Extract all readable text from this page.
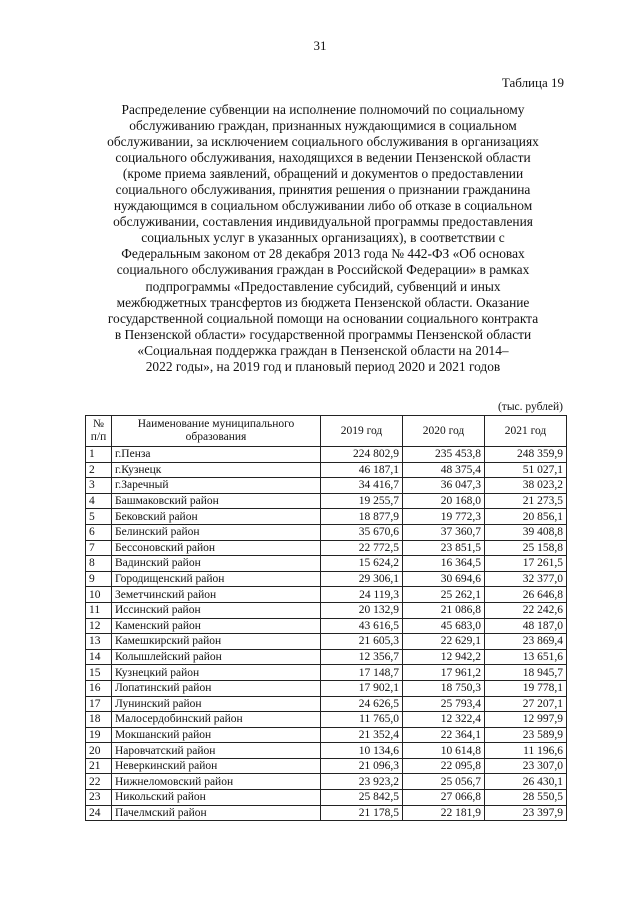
31
Таблица 19
Распределение субвенции на исполнение полномочий по социальному
обслуживанию граждан, признанных нуждающимися в социальном
обслуживании, за исключением социального обслуживания в организациях
социального обслуживания, находящихся в ведении Пензенской области
(кроме приема заявлений, обращений и документов о предоставлении
социального обслуживания, принятия решения о признании гражданина
нуждающимся в социальном обслуживании либо об отказе в социальном
обслуживании, составления индивидуальной программы предоставления
социальных услуг в указанных организациях), в соответствии с
Федеральным законом от 28 декабря 2013 года № 442-ФЗ «Об основах
социального обслуживания граждан в Российской Федерации» в рамках
подпрограммы «Предоставление субсидий, субвенций и иных
межбюджетных трансфертов из бюджета Пензенской области. Оказание
государственной социальной помощи на основании социального контракта
в Пензенской области» государственной программы Пензенской области
«Социальная поддержка граждан в Пензенской области на 2014–
2022 годы», на 2019 год и плановый период 2020 и 2021 годов
(тыс. рублей)
№ п/п	Наименование муниципального образования	2019 год	2020 год	2021 год
1	г.Пенза	224 802,9	235 453,8	248 359,9
2	г.Кузнецк	46 187,1	48 375,4	51 027,1
3	г.Заречный	34 416,7	36 047,3	38 023,2
4	Башмаковский район	19 255,7	20 168,0	21 273,5
5	Бековский район	18 877,9	19 772,3	20 856,1
6	Белинский район	35 670,6	37 360,7	39 408,8
7	Бессоновский район	22 772,5	23 851,5	25 158,8
8	Вадинский район	15 624,2	16 364,5	17 261,5
9	Городищенский район	29 306,1	30 694,6	32 377,0
10	Земетчинский район	24 119,3	25 262,1	26 646,8
11	Иссинский район	20 132,9	21 086,8	22 242,6
12	Каменский район	43 616,5	45 683,0	48 187,0
13	Камешкирский район	21 605,3	22 629,1	23 869,4
14	Колышлейский район	12 356,7	12 942,2	13 651,6
15	Кузнецкий район	17 148,7	17 961,2	18 945,7
16	Лопатинский район	17 902,1	18 750,3	19 778,1
17	Лунинский район	24 626,5	25 793,4	27 207,1
18	Малосердобинский район	11 765,0	12 322,4	12 997,9
19	Мокшанский район	21 352,4	22 364,1	23 589,9
20	Наровчатский район	10 134,6	10 614,8	11 196,6
21	Неверкинский район	21 096,3	22 095,8	23 307,0
22	Нижнеломовский район	23 923,2	25 056,7	26 430,1
23	Никольский район	25 842,5	27 066,8	28 550,5
24	Пачелмский район	21 178,5	22 181,9	23 397,9
